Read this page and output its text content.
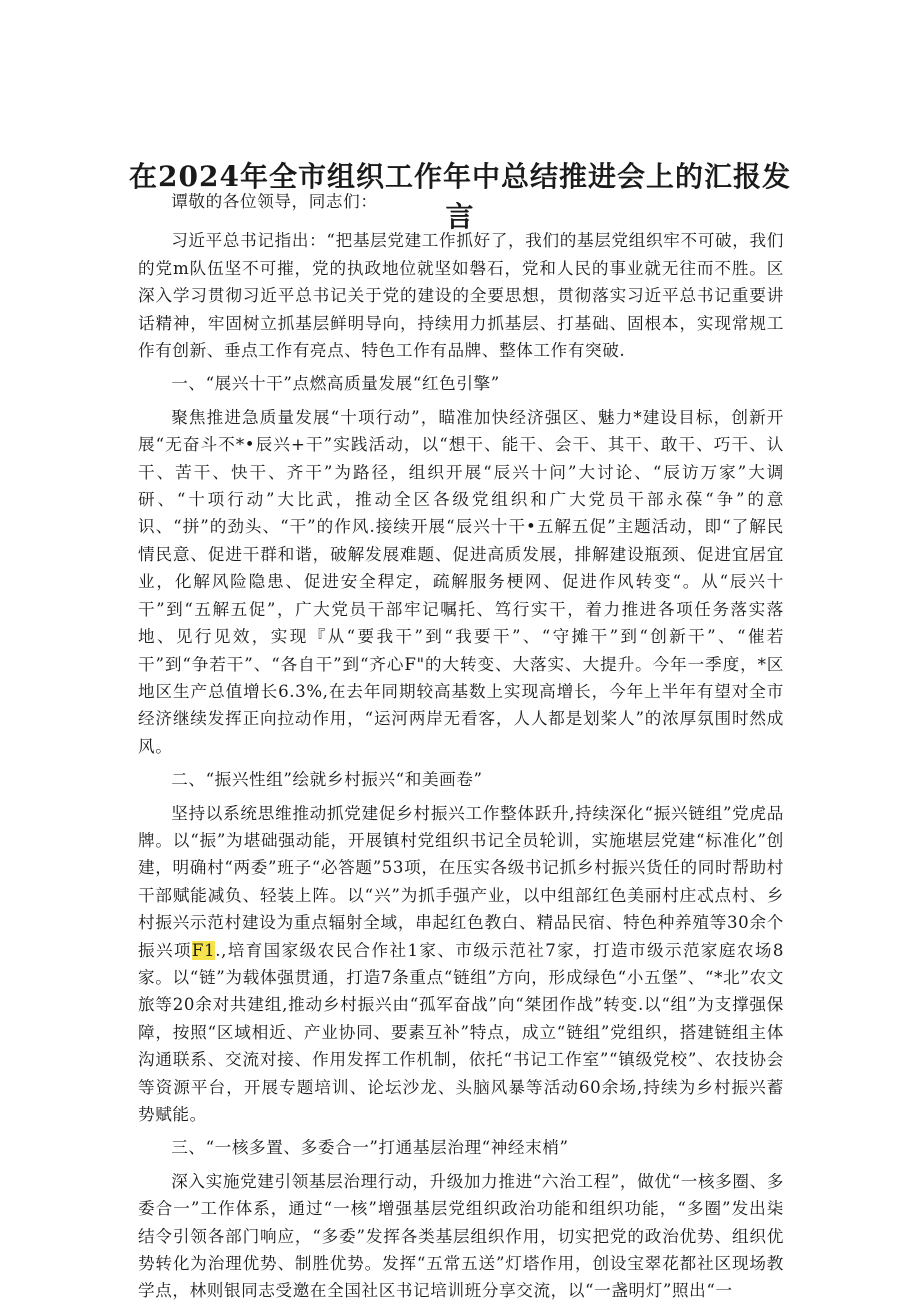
在2024年全市组织工作年中总结推进会上的汇报发言

谭敬的各位领导，同志们：

习近平总书记指出：“把基层党建工作抓好了，我们的基层党组织牢不可破，我们的党m队伍坚不可摧，党的执政地位就坚如磐石，党和人民的事业就无往而不胜。区深入学习贯彻习近平总书记关于党的建设的全要思想，贯彻落实习近平总书记重要讲话精神，牢固树立抓基层鲜明导向，持续用力抓基层、打基础、固根本，实现常规工作有创新、垂点工作有亮点、特色工作有品牌、整体工作有突破.

一、“展兴十干”点燃高质量发展“红色引擎”

聚焦推进急质量发展“十项行动”，瞄准加快经济强区、魅力*建设目标，创新开展“无奋斗不*•辰兴+干”实践活动，以“想干、能干、会干、其干、敢干、巧干、认干、苦干、快干、齐干”为路径，组织开展“辰兴十问”大讨论、“辰访万家”大调研、“十项行动”大比武，推动全区各级党组织和广大党员干部永葆“争”的意识、“拼”的劲头、“干”的作风.接续开展“辰兴十干•五解五促”主题活动，即“了解民情民意、促进干群和谐，破解发展难题、促进高质发展，排解建设瓶颈、促进宜居宜业，化解风险隐患、促进安全稈定，疏解服务梗网、促进作风转变“。从“辰兴十干”到“五解五促”，广大党员干部牢记嘱托、笃行实干，着力推进各项任务落实落地、见行见效，实现『从“要我干”到“我要干”、“守摊干”到“创新干”、“催若干”到“争若干”、“各自干”到“齐心F"的大转变、大落实、大提升。今年一季度，*区地区生产总值增长6.3%,在去年同期较高基数上实现高增长，今年上半年有望对全市经济继续发挥正向拉动作用，“运河两岸无看客，人人都是划桨人”的浓厚氛围时然成风。

二、“振兴性组”绘就乡村振兴“和美画卷”

坚持以系统思维推动抓党建促乡村振兴工作整体跃升,持续深化“振兴链组”党虎品牌。以“振”为堪础强动能，开展镇村党组织书记全员轮训，实施堪层党建“标准化”创建，明确村“两委”班子“必答题”53项，在压实各级书记抓乡村振兴货任的同时帮助村干部赋能减负、轻装上阵。以“兴”为抓手强产业，以中组部红色美丽村庄忒点村、乡村振兴示范村建设为重点辐射全域，串起红色教白、精品民宿、特色种养殖等30余个振兴项F1.,培育国家级农民合作社1家、市级示范社7家，打造市级示范家庭农场8家。以“链”为载体强贯通，打造7条重点“链组”方向，形成绿色“小五堡”、“*北”农文旅等20余对共建组,推动乡村振兴由“孤军奋战”向“桀团作战”转变.以“组”为支撑强保障，按照“区域相近、产业协同、要素互补”特点，成立“链组”党组织，搭建链组主体沟通联系、交流对接、作用发挥工作机制，依托“书记工作室”“镇级党校”、农技协会等资源平台，开展专题培训、论坛沙龙、头脑风暴等活动60余场,持续为乡村振兴蓄势赋能。

三、“一核多置、多委合一”打通基层治理“神经末梢”

深入实施党建引领基层治理行动，升级加力推进“六治工程”，做优“一核多圈、多委合一”工作体系，通过“一核”增强基层党组织政治功能和组织功能，“多圈”发出柒结令引领各部门响应，“多委”发挥各类基层组织作用，切实把党的政治优势、组织优势转化为治理优势、制胜优势。发挥“五常五送”灯塔作用，创设宝翠花都社区现场教学点，林则银同志受邀在全国社区书记培训班分享交流，以“一盏明灯”照出“一
